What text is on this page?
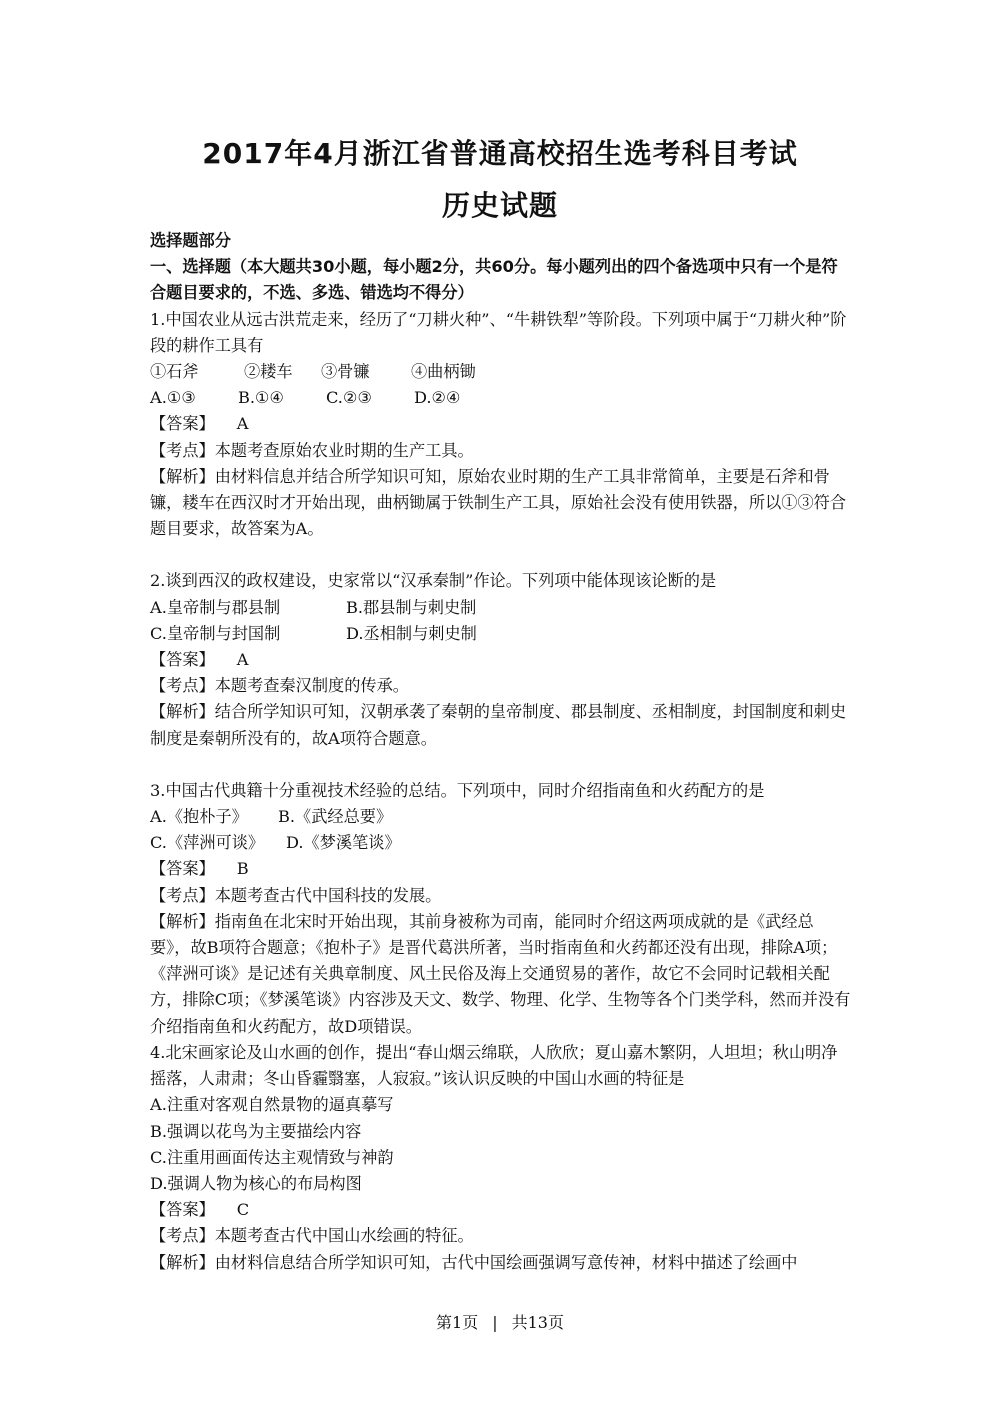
2017年4月浙江省普通高校招生选考科目考试
历史试题

选择题部分

一、选择题（本大题共30小题，每小题2分，共60分。每小题列出的四个备选项中只有一个是符合题目要求的，不选、多选、错选均不得分）

1.中国农业从远古洪荒走来，经历了“刀耕火种”、“牛耕铁犁”等阶段。下列项中属于“刀耕火种”阶段的耕作工具有

①石斧	②耧车 ③骨镰	④曲柄锄
A.①③	B.①④	C.②③	D.②④

【答案】 A

【考点】本题考查原始农业时期的生产工具。

【解析】由材料信息并结合所学知识可知，原始农业时期的生产工具非常简单，主要是石斧和骨镰，耧车在西汉时才开始出现，曲柄锄属于铁制生产工具，原始社会没有使用铁器，所以①③符合题目要求，故答案为A。

2.谈到西汉的政权建设，史家常以“汉承秦制”作论。下列项中能体现该论断的是

A.皇帝制与郡县制	B.郡县制与刺史制
C.皇帝制与封国制	D.丞相制与刺史制

【答案】 A

【考点】本题考查秦汉制度的传承。

【解析】结合所学知识可知，汉朝承袭了秦朝的皇帝制度、郡县制度、丞相制度，封国制度和刺史制度是秦朝所没有的，故A项符合题意。

3.中国古代典籍十分重视技术经验的总结。下列项中，同时介绍指南鱼和火药配方的是

A.《抱朴子》 B.《武经总要》
C.《萍洲可谈》 D.《梦溪笔谈》

【答案】 B

【考点】本题考查古代中国科技的发展。

【解析】指南鱼在北宋时开始出现，其前身被称为司南，能同时介绍这两项成就的是《武经总要》，故B项符合题意；《抱朴子》是晋代葛洪所著，当时指南鱼和火药都还没有出现，排除A项；《萍洲可谈》是记述有关典章制度、风土民俗及海上交通贸易的著作，故它不会同时记载相关配方，排除C项；《梦溪笔谈》内容涉及天文、数学、物理、化学、生物等各个门类学科，然而并没有介绍指南鱼和火药配方，故D项错误。

4.北宋画家论及山水画的创作，提出“春山烟云绵联，人欣欣；夏山嘉木繁阴，人坦坦；秋山明净摇落，人肃肃；冬山昏霾翳塞，人寂寂。”该认识反映的中国山水画的特征是

A.注重对客观自然景物的逼真摹写

B.强调以花鸟为主要描绘内容

C.注重用画面传达主观情致与神韵

D.强调人物为核心的布局构图

【答案】 C

【考点】本题考查古代中国山水绘画的特征。

【解析】由材料信息结合所学知识可知，古代中国绘画强调写意传神，材料中描述了绘画中

第1页 | 共13页
